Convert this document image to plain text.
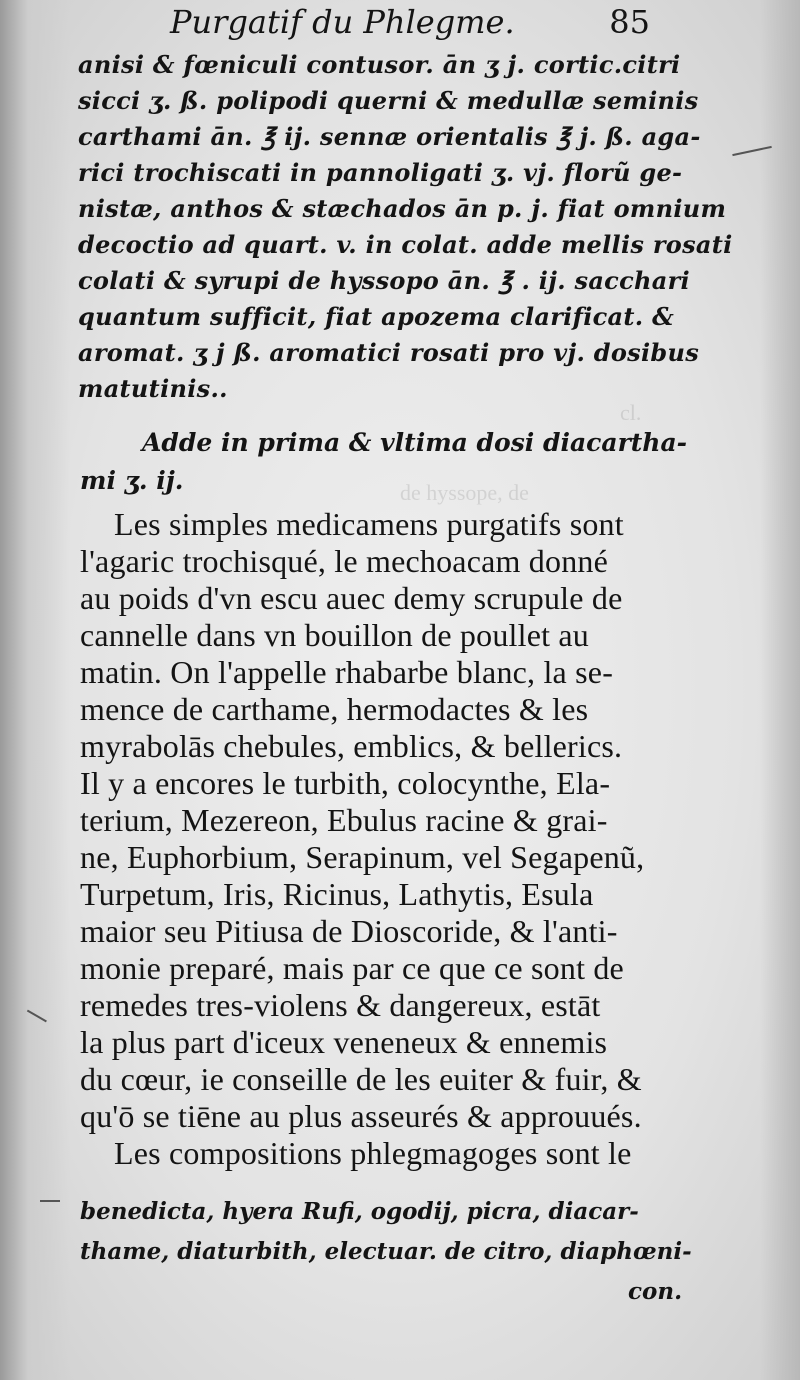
cl.
de hyssope, de
Purgatif du Phlegme.	85
anisi & fœniculi contusor. ān ʒ j. cortic.citri
sicci ʒ. ß. polipodi querni & medullæ seminis
carthami ān. ℥ ij. sennæ orientalis ℥ j. ß. aga-
rici trochiscati in pannoligati ʒ. vj. florũ ge-
nistæ, anthos & stæchados ān p. j. fiat omnium
decoctio ad quart. v. in colat. adde mellis rosati
colati & syrupi de hyssopo ān. ℥ . ij. sacchari
quantum sufficit, fiat apozema clarificat. &
aromat. ʒ j ß. aromatici rosati pro vj. dosibus
matutinis..
Adde in prima & vltima dosi diacartha-
mi ʒ. ij.
Les simples medicamens purgatifs sont
l'agaric trochisqué, le mechoacam donné
au poids d'vn escu auec demy scrupule de
cannelle dans vn bouillon de poullet au
matin. On l'appelle rhabarbe blanc, la se-
mence de carthame, hermodactes & les
myrabolās chebules, emblics, & bellerics.
Il y a encores le turbith, colocynthe, Ela-
terium, Mezereon, Ebulus racine & grai-
ne, Euphorbium, Serapinum, vel Segapenũ,
Turpetum, Iris, Ricinus, Lathytis, Esula
maior seu Pitiusa de Dioscoride, & l'anti-
monie preparé, mais par ce que ce sont de
remedes tres-violens & dangereux, estāt
la plus part d'iceux veneneux & ennemis
du cœur, ie conseille de les euiter & fuir, &
qu'ō se tiēne au plus asseurés & approuués.
Les compositions phlegmagoges sont le
benedicta, hyera Rufi, ogodij, picra, diacar-
thame, diaturbith, electuar. de citro, diaphœni-
con.
